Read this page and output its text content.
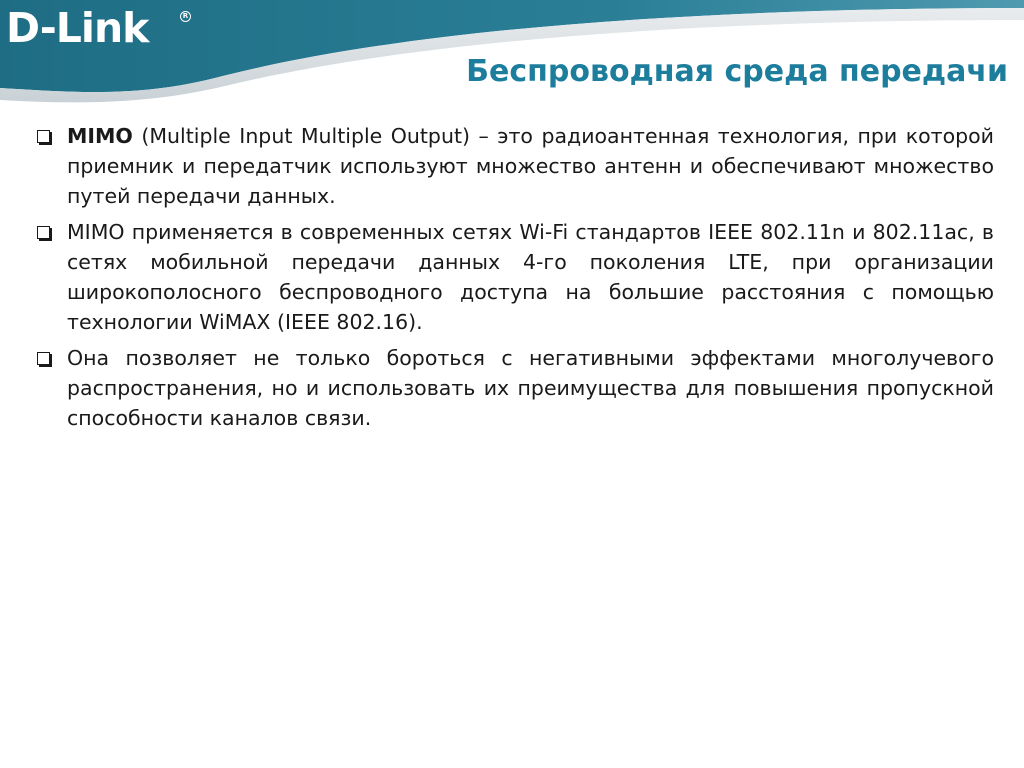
D-Link	R
Беспроводная среда передачи
MIMO (Multiple Input Multiple Output) – это радиоантенная технология, при которой приемник и передатчик используют множество антенн и обеспечивают множество путей передачи данных.
MIMO применяется в современных сетях Wi-Fi стандартов IEEE 802.11n и 802.11ac, в сетях мобильной передачи данных 4-го поколения LTE, при организации широкополосного беспроводного доступа на большие расстояния с помощью технологии WiMAX (IEEE 802.16).
Она позволяет не только бороться с негативными эффектами многолучевого распространения, но и использовать их преимущества для повышения пропускной способности каналов связи.
